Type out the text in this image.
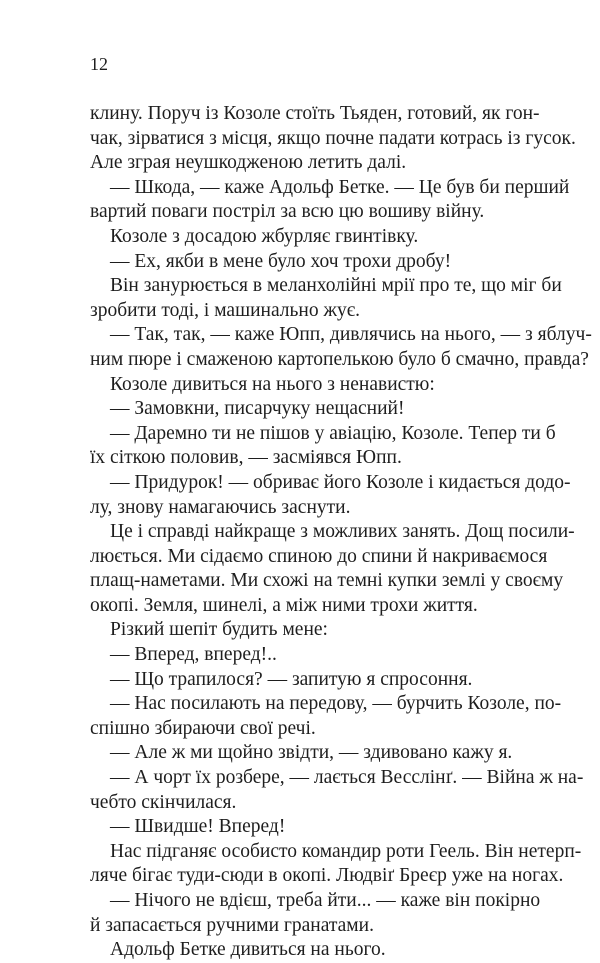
12

клину. Поруч із Козоле стоїть Тьяден, готовий, як гон-
чак, зірватися з місця, якщо почне падати котрась із гусок.
Але зграя неушкодженою летить далі.
— Шкода, — каже Адольф Бетке. — Це був би перший
вартий поваги постріл за всю цю вошиву війну.
Козоле з досадою жбурляє гвинтівку.
— Ех, якби в мене було хоч трохи дробу!
Він занурюється в меланхолійні мрії про те, що міг би
зробити тоді, і машинально жує.
— Так, так, — каже Юпп, дивлячись на нього, — з яблуч-
ним пюре і смаженою картопелькою було б смачно, правда?
Козоле дивиться на нього з ненавистю:
— Замовкни, писарчуку нещасний!
— Даремно ти не пішов у авіацію, Козоле. Тепер ти б
їх сіткою половив, — засміявся Юпп.
— Придурок! — обриває його Козоле і кидається додо-
лу, знову намагаючись заснути.
Це і справді найкраще з можливих занять. Дощ посили-
люється. Ми сідаємо спиною до спини й накриваємося
плащ-наметами. Ми схожі на темні купки землі у своєму
окопі. Земля, шинелі, а між ними трохи життя.
Різкий шепіт будить мене:
— Вперед, вперед!..
— Що трапилося? — запитую я спросоння.
— Нас посилають на передову, — бурчить Козоле, по-
спішно збираючи свої речі.
— Але ж ми щойно звідти, — здивовано кажу я.
— А чорт їх розбере, — лається Весслінґ. — Війна ж на-
чебто скінчилася.
— Швидше! Вперед!
Нас підганяє особисто командир роти Геель. Він нетерп-
ляче бігає туди-сюди в окопі. Людвіґ Бреєр уже на ногах.
— Нічого не вдієш, треба йти... — каже він покірно
й запасається ручними гранатами.
Адольф Бетке дивиться на нього.
